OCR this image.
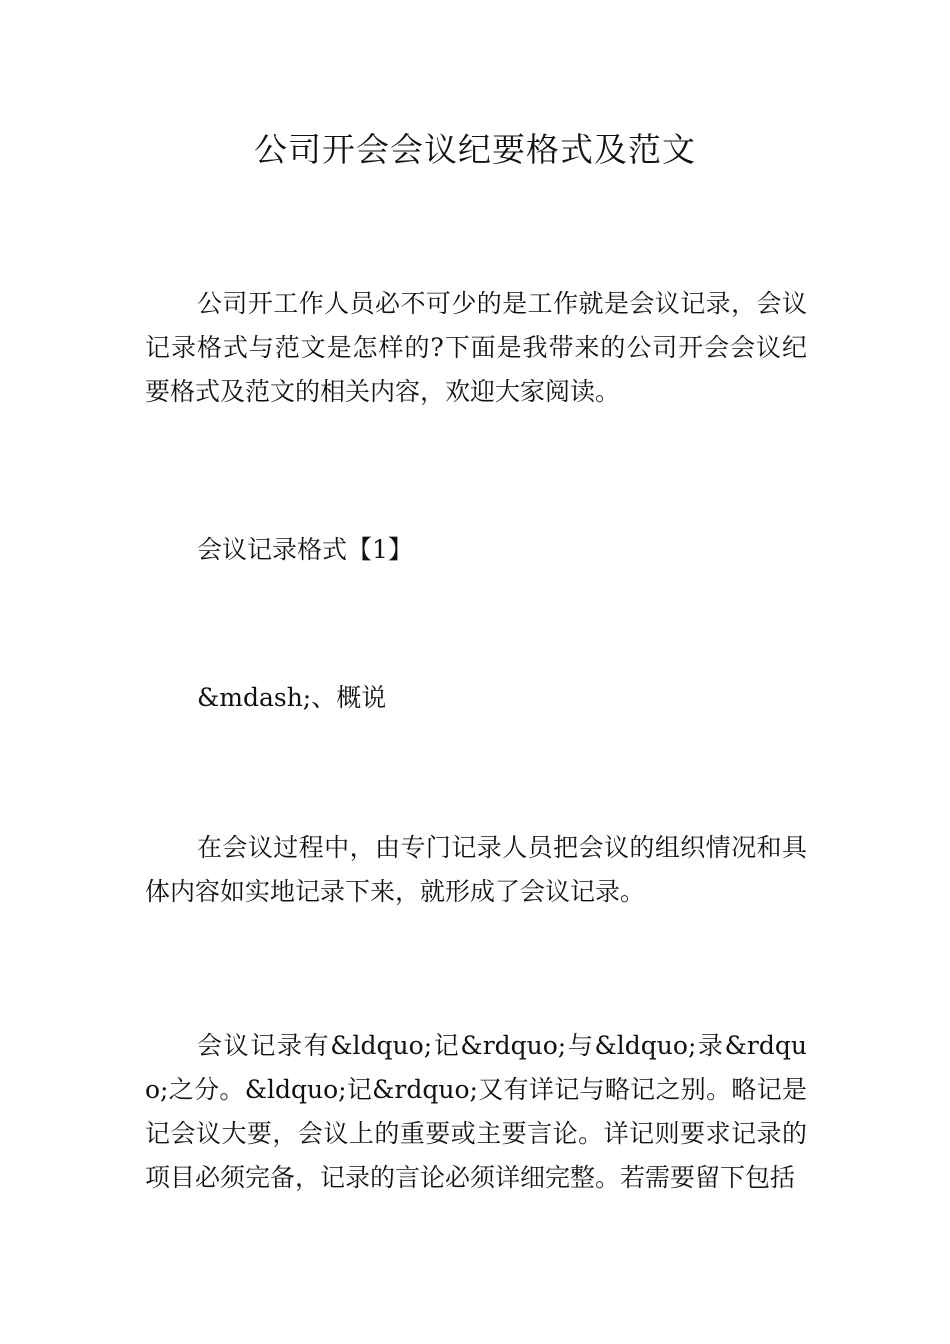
公司开会会议纪要格式及范文

公司开工作人员必不可少的是工作就是会议记录，会议记录格式与范文是怎样的?下面是我带来的公司开会会议纪要格式及范文的相关内容，欢迎大家阅读。

会议记录格式【1】

&mdash;、概说

在会议过程中，由专门记录人员把会议的组织情况和具体内容如实地记录下来，就形成了会议记录。

会议记录有&ldquo;记&rdquo;与&ldquo;录&rdquo;之分。&ldquo;记&rdquo;又有详记与略记之别。略记是记会议大要，会议上的重要或主要言论。详记则要求记录的项目必须完备，记录的言论必须详细完整。若需要留下包括
